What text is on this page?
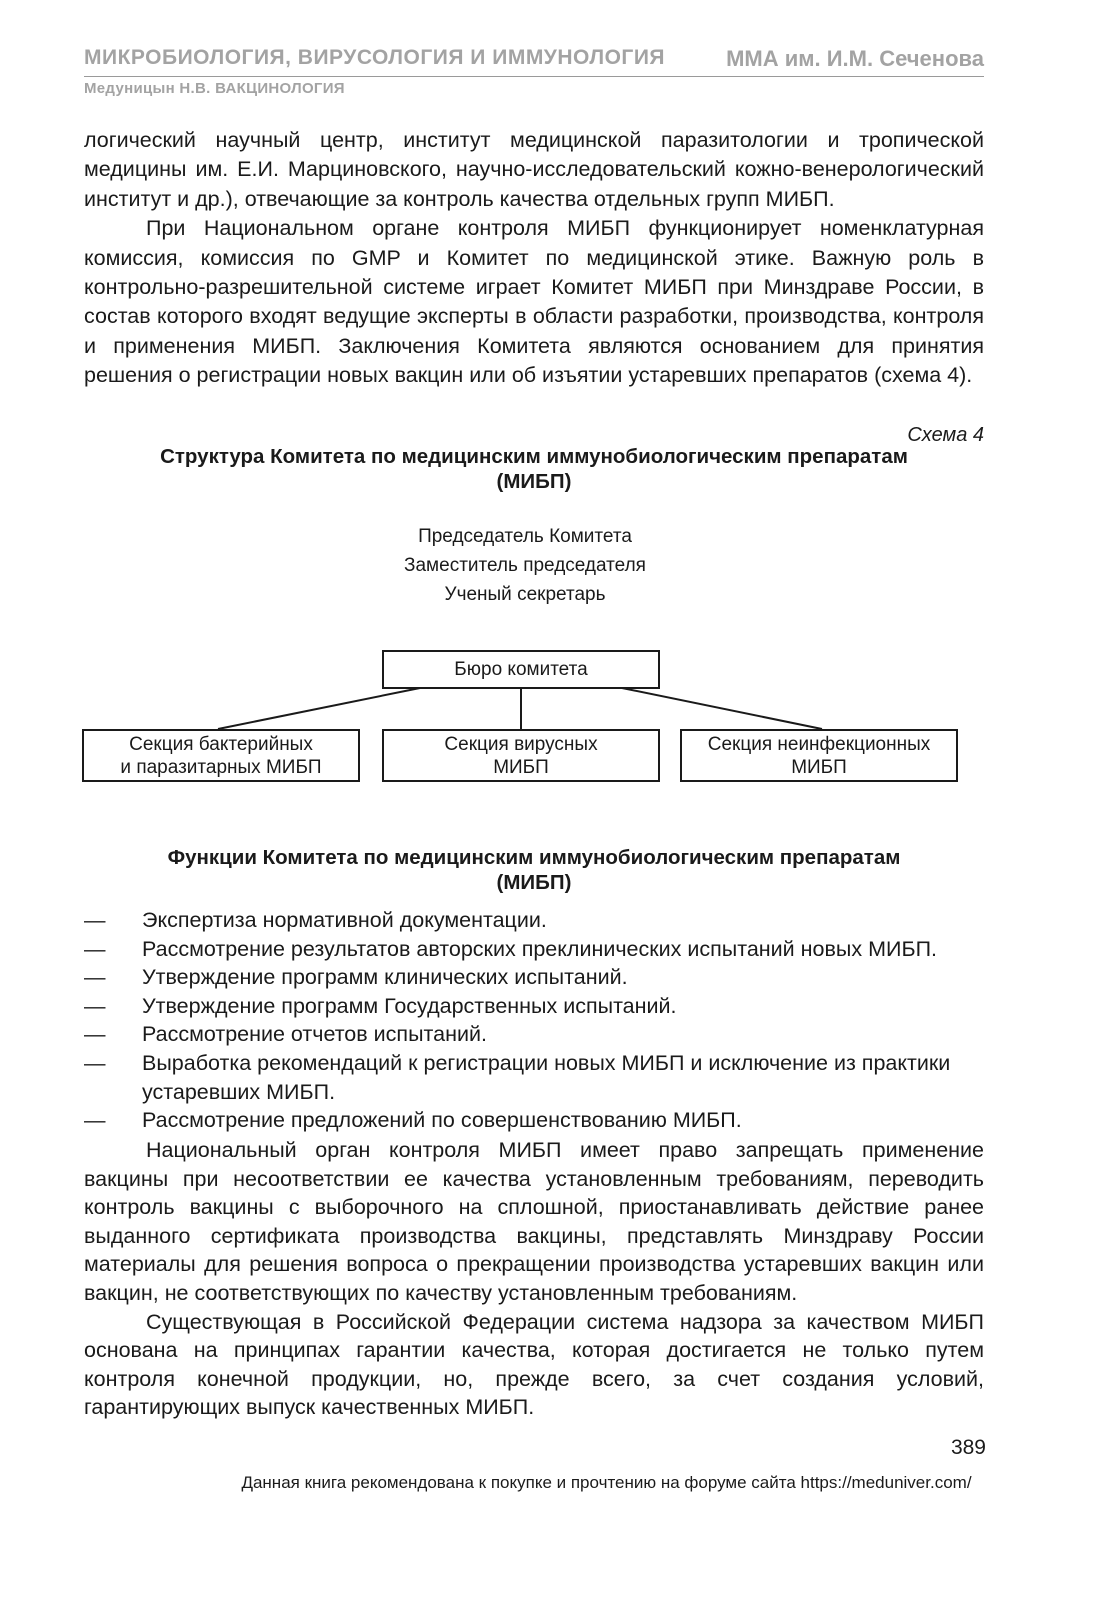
МИКРОБИОЛОГИЯ, ВИРУСОЛОГИЯ И ИММУНОЛОГИЯ	ММА им. И.М. Сеченова
Медуницын Н.В. ВАКЦИНОЛОГИЯ

логический научный центр, институт медицинской паразитологии и тропической медицины им. Е.И. Марциновского, научно-исследовательский кожно-венерологический институт и др.), отвечающие за контроль качества отдельных групп МИБП.

При Национальном органе контроля МИБП функционирует номенклатурная комиссия, комиссия по GMP и Комитет по медицинской этике. Важную роль в контрольно-разрешительной системе играет Комитет МИБП при Минздраве России, в состав которого входят ведущие эксперты в области разработки, производства, контроля и применения МИБП. Заключения Комитета являются основанием для принятия решения о регистрации новых вакцин или об изъятии устаревших препаратов (схема 4).

Схема 4
Структура Комитета по медицинским иммунобиологическим препаратам
(МИБП)
Председатель Комитета
Заместитель председателя
Ученый секретарь
Бюро комитета
Секция бактерийных
и паразитарных МИБП
Секция вирусных
МИБП
Секция неинфекционных
МИБП
Функции Комитета по медицинским иммунобиологическим препаратам
(МИБП)
—	Экспертиза нормативной документации.
—	Рассмотрение результатов авторских преклинических испытаний новых МИБП.
—	Утверждение программ клинических испытаний.
—	Утверждение программ Государственных испытаний.
—	Рассмотрение отчетов испытаний.
—	Выработка рекомендаций к регистрации новых МИБП и исключение из практики устаревших МИБП.
—	Рассмотрение предложений по совершенствованию МИБП.

Национальный орган контроля МИБП имеет право запрещать применение вакцины при несоответствии ее качества установленным требованиям, переводить контроль вакцины с выборочного на сплошной, приостанавливать действие ранее выданного сертификата производства вакцины, представлять Минздраву России материалы для решения вопроса о прекращении производства устаревших вакцин или вакцин, не соответствующих по качеству установленным требованиям.

Существующая в Российской Федерации система надзора за качеством МИБП основана на принципах гарантии качества, которая достигается не только путем контроля конечной продукции, но, прежде всего, за счет создания условий, гарантирующих выпуск качественных МИБП.

389
Данная книга рекомендована к покупке и прочтению на форуме сайта https://meduniver.com/
